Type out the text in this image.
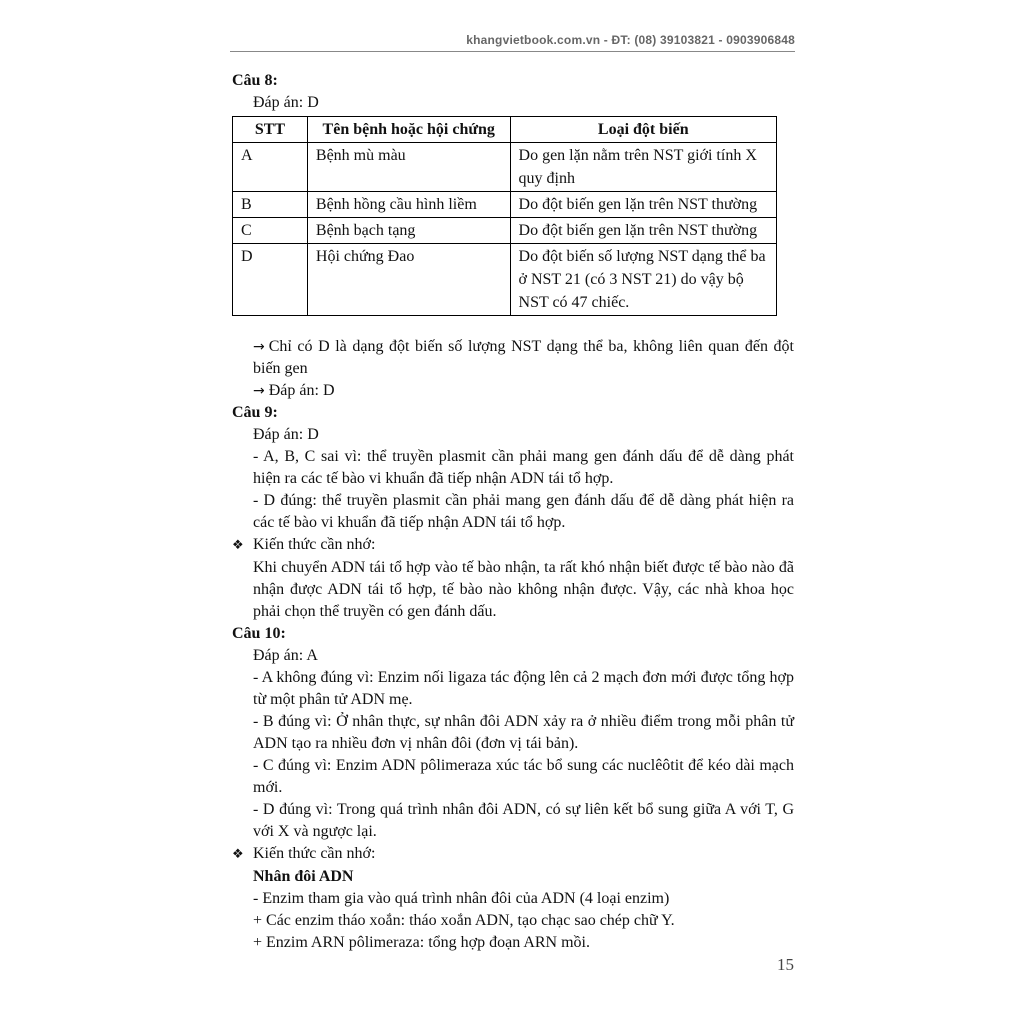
khangvietbook.com.vn - ĐT: (08) 39103821 - 0903906848

Câu 8:

Đáp án: D

STT	Tên bệnh hoặc hội chứng	Loại đột biến
A	Bệnh mù màu	Do gen lặn nằm trên NST giới tính X quy định
B	Bệnh hồng cầu hình liềm	Do đột biến gen lặn trên NST thường
C	Bệnh bạch tạng	Do đột biến gen lặn trên NST thường
D	Hội chứng Đao	Do đột biến số lượng NST dạng thể ba ở NST 21 (có 3 NST 21) do vậy bộ NST có 47 chiếc.

→ Chỉ có D là dạng đột biến số lượng NST dạng thể ba, không liên quan đến đột biến gen

→ Đáp án: D

Câu 9:

Đáp án: D

- A, B, C sai vì: thể truyền plasmit cần phải mang gen đánh dấu để dễ dàng phát hiện ra các tế bào vi khuẩn đã tiếp nhận ADN tái tổ hợp.

- D đúng: thể truyền plasmit cần phải mang gen đánh dấu để dễ dàng phát hiện ra các tế bào vi khuẩn đã tiếp nhận ADN tái tổ hợp.

❖ Kiến thức cần nhớ:

Khi chuyển ADN tái tổ hợp vào tế bào nhận, ta rất khó nhận biết được tế bào nào đã nhận được ADN tái tổ hợp, tế bào nào không nhận được. Vậy, các nhà khoa học phải chọn thể truyền có gen đánh dấu.

Câu 10:

Đáp án: A

- A không đúng vì: Enzim nối ligaza tác động lên cả 2 mạch đơn mới được tổng hợp từ một phân tử ADN mẹ.

- B đúng vì: Ở nhân thực, sự nhân đôi ADN xảy ra ở nhiều điểm trong mỗi phân tử ADN tạo ra nhiều đơn vị nhân đôi (đơn vị tái bản).

- C đúng vì: Enzim ADN pôlimeraza xúc tác bổ sung các nuclêôtit để kéo dài mạch mới.

- D đúng vì: Trong quá trình nhân đôi ADN, có sự liên kết bổ sung giữa A với T, G với X và ngược lại.

❖ Kiến thức cần nhớ:

Nhân đôi ADN

- Enzim tham gia vào quá trình nhân đôi của ADN (4 loại enzim)

+ Các enzim tháo xoắn: tháo xoắn ADN, tạo chạc sao chép chữ Y.

+ Enzim ARN pôlimeraza: tổng hợp đoạn ARN mồi.

15
